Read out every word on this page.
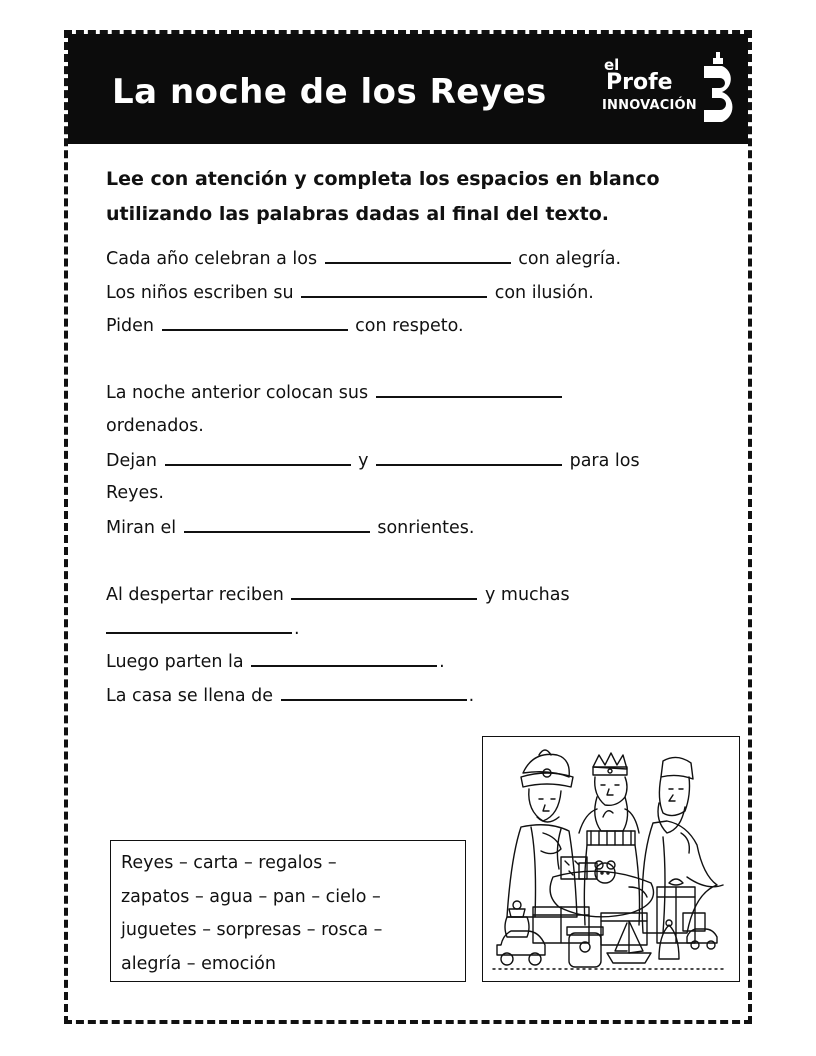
La noche de los Reyes
el
Profe
INNOVACIÓN
Lee con atención y completa los espacios en blanco utilizando las palabras dadas al final del texto.
Cada año celebran a los	con alegría.
Los niños escriben su	con ilusión.
Piden	con respeto.
La noche anterior colocan sus
ordenados.
Dejan	y	para los
Reyes.
Miran el	sonrientes.
Al despertar reciben	y muchas
.
Luego parten la	.
La casa se llena de	.
Reyes – carta – regalos –
zapatos – agua – pan – cielo –
juguetes – sorpresas – rosca –
alegría – emoción
